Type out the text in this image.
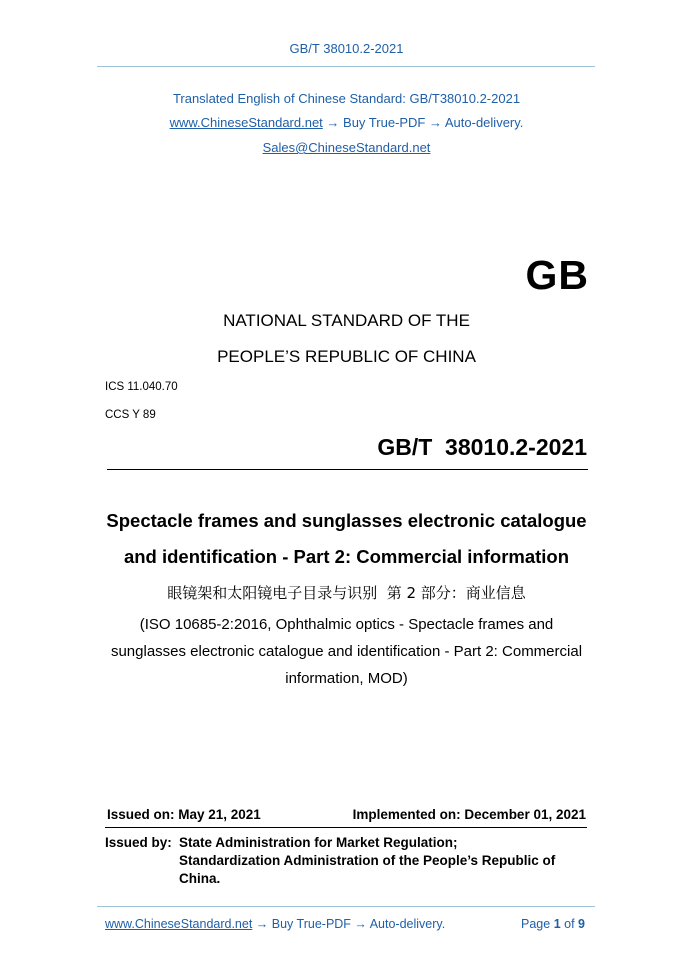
GB/T 38010.2-2021
Translated English of Chinese Standard: GB/T38010.2-2021
www.ChineseStandard.net → Buy True-PDF → Auto-delivery.
Sales@ChineseStandard.net
GB
NATIONAL STANDARD OF THE
PEOPLE’S REPUBLIC OF CHINA
ICS 11.040.70
CCS Y 89
GB/T  38010.2-2021
Spectacle frames and sunglasses electronic catalogue
and identification - Part 2: Commercial information
眼镜架和太阳镜电子目录与识别  第 2 部分：商业信息
(ISO 10685-2:2016, Ophthalmic optics - Spectacle frames and
sunglasses electronic catalogue and identification - Part 2: Commercial
information, MOD)
Issued on: May 21, 2021	Implemented on: December 01, 2021
Issued by: State Administration for Market Regulation;
Standardization Administration of the People’s Republic of
China.
www.ChineseStandard.net → Buy True-PDF → Auto-delivery.	Page 1 of 9
